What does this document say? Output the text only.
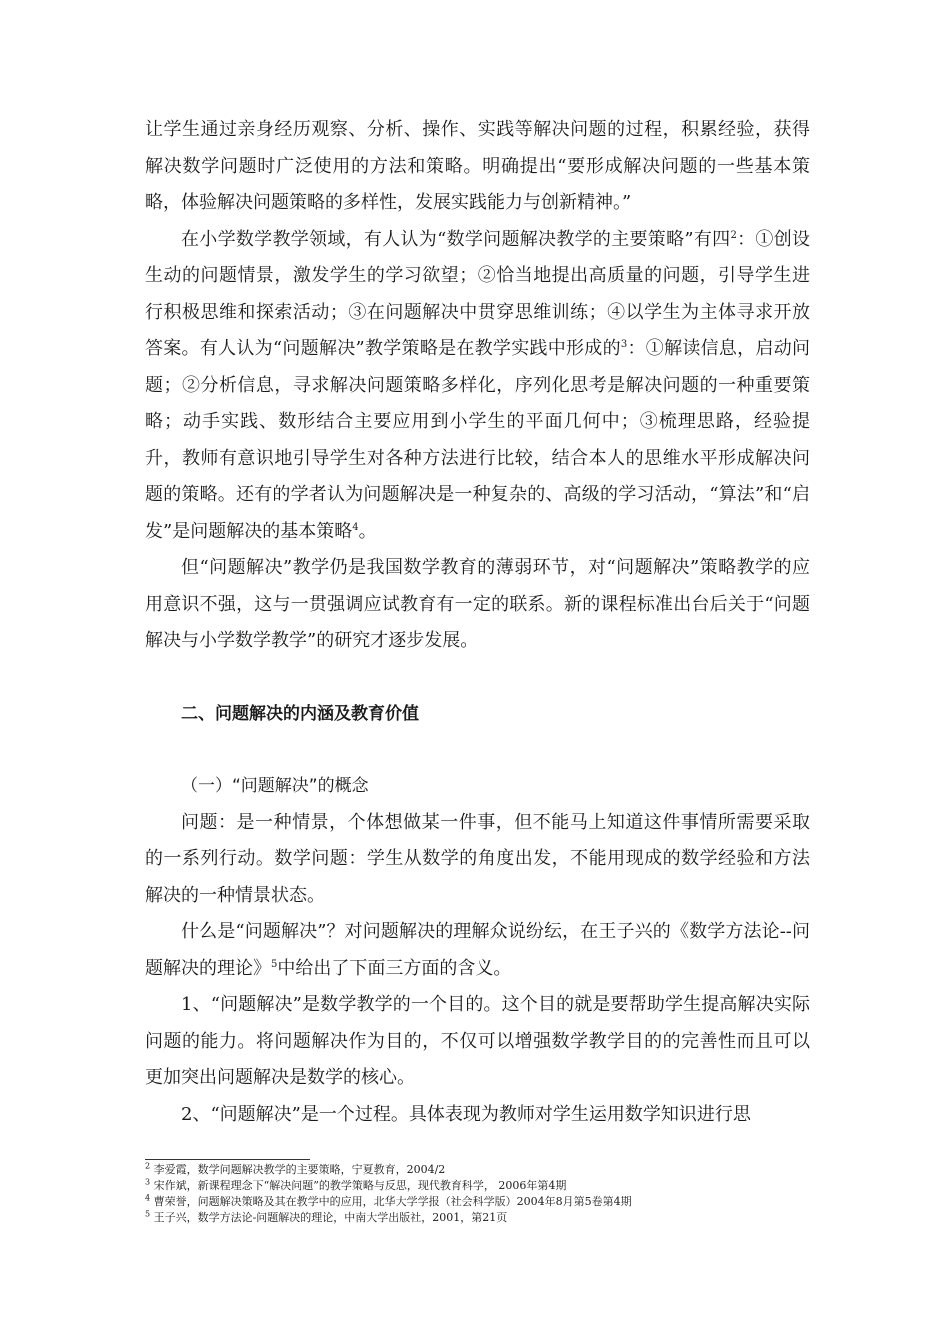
让学生通过亲身经历观察、分析、操作、实践等解决问题的过程，积累经验，获得解决数学问题时广泛使用的方法和策略。明确提出“要形成解决问题的一些基本策略，体验解决问题策略的多样性，发展实践能力与创新精神。”

在小学数学教学领域，有人认为“数学问题解决教学的主要策略”有四$^2$：①创设生动的问题情景，激发学生的学习欲望；②恰当地提出高质量的问题，引导学生进行积极思维和探索活动；③在问题解决中贯穿思维训练；④以学生为主体寻求开放答案。有人认为“问题解决”教学策略是在教学实践中形成的$^3$：①解读信息，启动问题；②分析信息，寻求解决问题策略多样化，序列化思考是解决问题的一种重要策略；动手实践、数形结合主要应用到小学生的平面几何中；③梳理思路，经验提升，教师有意识地引导学生对各种方法进行比较，结合本人的思维水平形成解决问题的策略。还有的学者认为问题解决是一种复杂的、高级的学习活动，“算法”和“启发”是问题解决的基本策略$^4$。

但“问题解决”教学仍是我国数学教育的薄弱环节，对“问题解决”策略教学的应用意识不强，这与一贯强调应试教育有一定的联系。新的课程标准出台后关于“问题解决与小学数学教学”的研究才逐步发展。

二、问题解决的内涵及教育价值

（一）“问题解决”的概念

问题：是一种情景，个体想做某一件事，但不能马上知道这件事情所需要采取的一系列行动。数学问题：学生从数学的角度出发，不能用现成的数学经验和方法解决的一种情景状态。

什么是“问题解决”？对问题解决的理解众说纷纭，在王子兴的《数学方法论--问题解决的理论》$^5$中给出了下面三方面的含义。

1、“问题解决”是数学教学的一个目的。这个目的就是要帮助学生提高解决实际问题的能力。将问题解决作为目的，不仅可以增强数学教学目的的完善性而且可以更加突出问题解决是数学的核心。

2、“问题解决”是一个过程。具体表现为教师对学生运用数学知识进行思

$^2$ 李爱霞，数学问题解决教学的主要策略，宁夏教育，2004/2

$^3$ 宋作斌，新课程理念下“解决问题”的教学策略与反思，现代教育科学， 2006年第4期

$^4$ 曹荣誉，问题解决策略及其在教学中的应用，北华大学学报（社会科学版）2004年8月第5卷第4期

$^5$ 王子兴，数学方法论-问题解决的理论，中南大学出版社，2001，第21页
